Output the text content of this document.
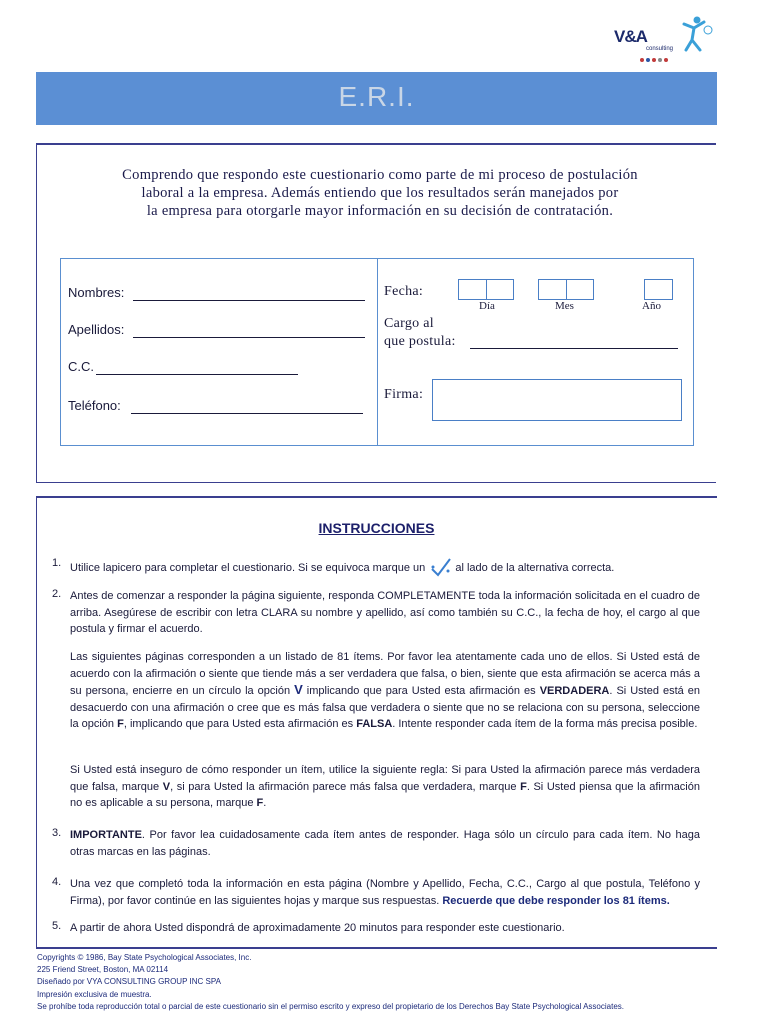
V&A
consulting
E.R.I.
Comprendo que respondo este cuestionario como parte de mi proceso de postulación
laboral a la empresa. Además entiendo que los resultados serán manejados por
la empresa para otorgarle mayor información en su decisión de contratación.
Nombres:
Apellidos:
C.C.
Teléfono:
Fecha:
Día	Mes	Año
Cargo al
que postula:
Firma:
INSTRUCCIONES
1. Utilice lapicero para completar el cuestionario. Si se equivoca marque un	al lado de la alternativa correcta.
2. Antes de comenzar a responder la página siguiente, responda COMPLETAMENTE toda la información solicitada en el cuadro de arriba. Asegúrese de escribir con letra CLARA su nombre y apellido, así como también su C.C., la fecha de hoy, el cargo al que postula y firmar el acuerdo.
Las siguientes páginas corresponden a un listado de 81 ítems. Por favor lea atentamente cada uno de ellos. Si Usted está de acuerdo con la afirmación o siente que tiende más a ser verdadera que falsa, o bien, siente que esta afirmación se acerca más a su persona, encierre en un círculo la opción V implicando que para Usted esta afirmación es VERDADERA. Si Usted está en desacuerdo con una afirmación o cree que es más falsa que verdadera o siente que no se relaciona con su persona, seleccione la opción F, implicando que para Usted esta afirmación es FALSA. Intente responder cada ítem de la forma más precisa posible.
Si Usted está inseguro de cómo responder un ítem, utilice la siguiente regla: Si para Usted la afirmación parece más verdadera que falsa, marque V, si para Usted la afirmación parece más falsa que verdadera, marque F. Si Usted piensa que la afirmación no es aplicable a su persona, marque F.
3. IMPORTANTE. Por favor lea cuidadosamente cada ítem antes de responder. Haga sólo un círculo para cada ítem. No haga otras marcas en las páginas.
4. Una vez que completó toda la información en esta página (Nombre y Apellido, Fecha, C.C., Cargo al que postula, Teléfono y Firma), por favor continúe en las siguientes hojas y marque sus respuestas. Recuerde que debe responder los 81 ítems.
5. A partir de ahora Usted dispondrá de aproximadamente 20 minutos para responder este cuestionario.
Copyrights © 1986, Bay State Psychological Associates, Inc.
225 Friend Street, Boston, MA 02114
Diseñado por VYA CONSULTING GROUP INC SPA
Impresión exclusiva de muestra.
Se prohíbe toda reproducción total o parcial de este cuestionario sin el permiso escrito y expreso del propietario de los Derechos Bay State Psychological Associates.
